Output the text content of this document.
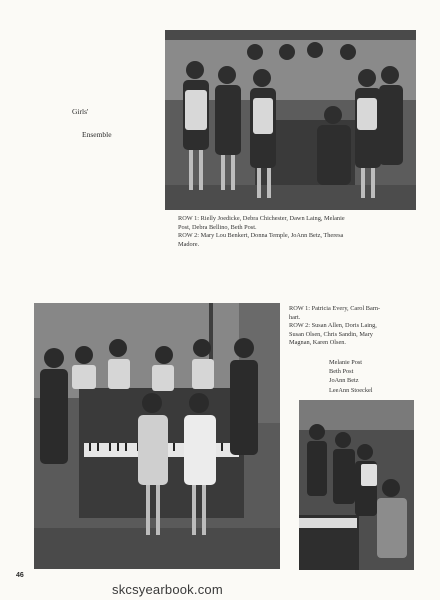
Girls'
Ensemble
ROW 1: Rielly Joedicke, Debra Chichester, Dawn Laing, Melanie
Post, Debra Bellino, Beth Post.
ROW 2: Mary Lou Benkert, Donna Temple, JoAnn Betz, Theresa
Madore.
ROW 1: Patricia Every, Carol Barn-
hart.
ROW 2: Susan Allen, Doris Laing,
Susan Olsen, Chris Sandin, Mary
Magnan, Karen Olsen.
Melanie Post
Beth Post
JoAnn Betz
LeeAnn Stoeckel
46
skcsyearbook.com
